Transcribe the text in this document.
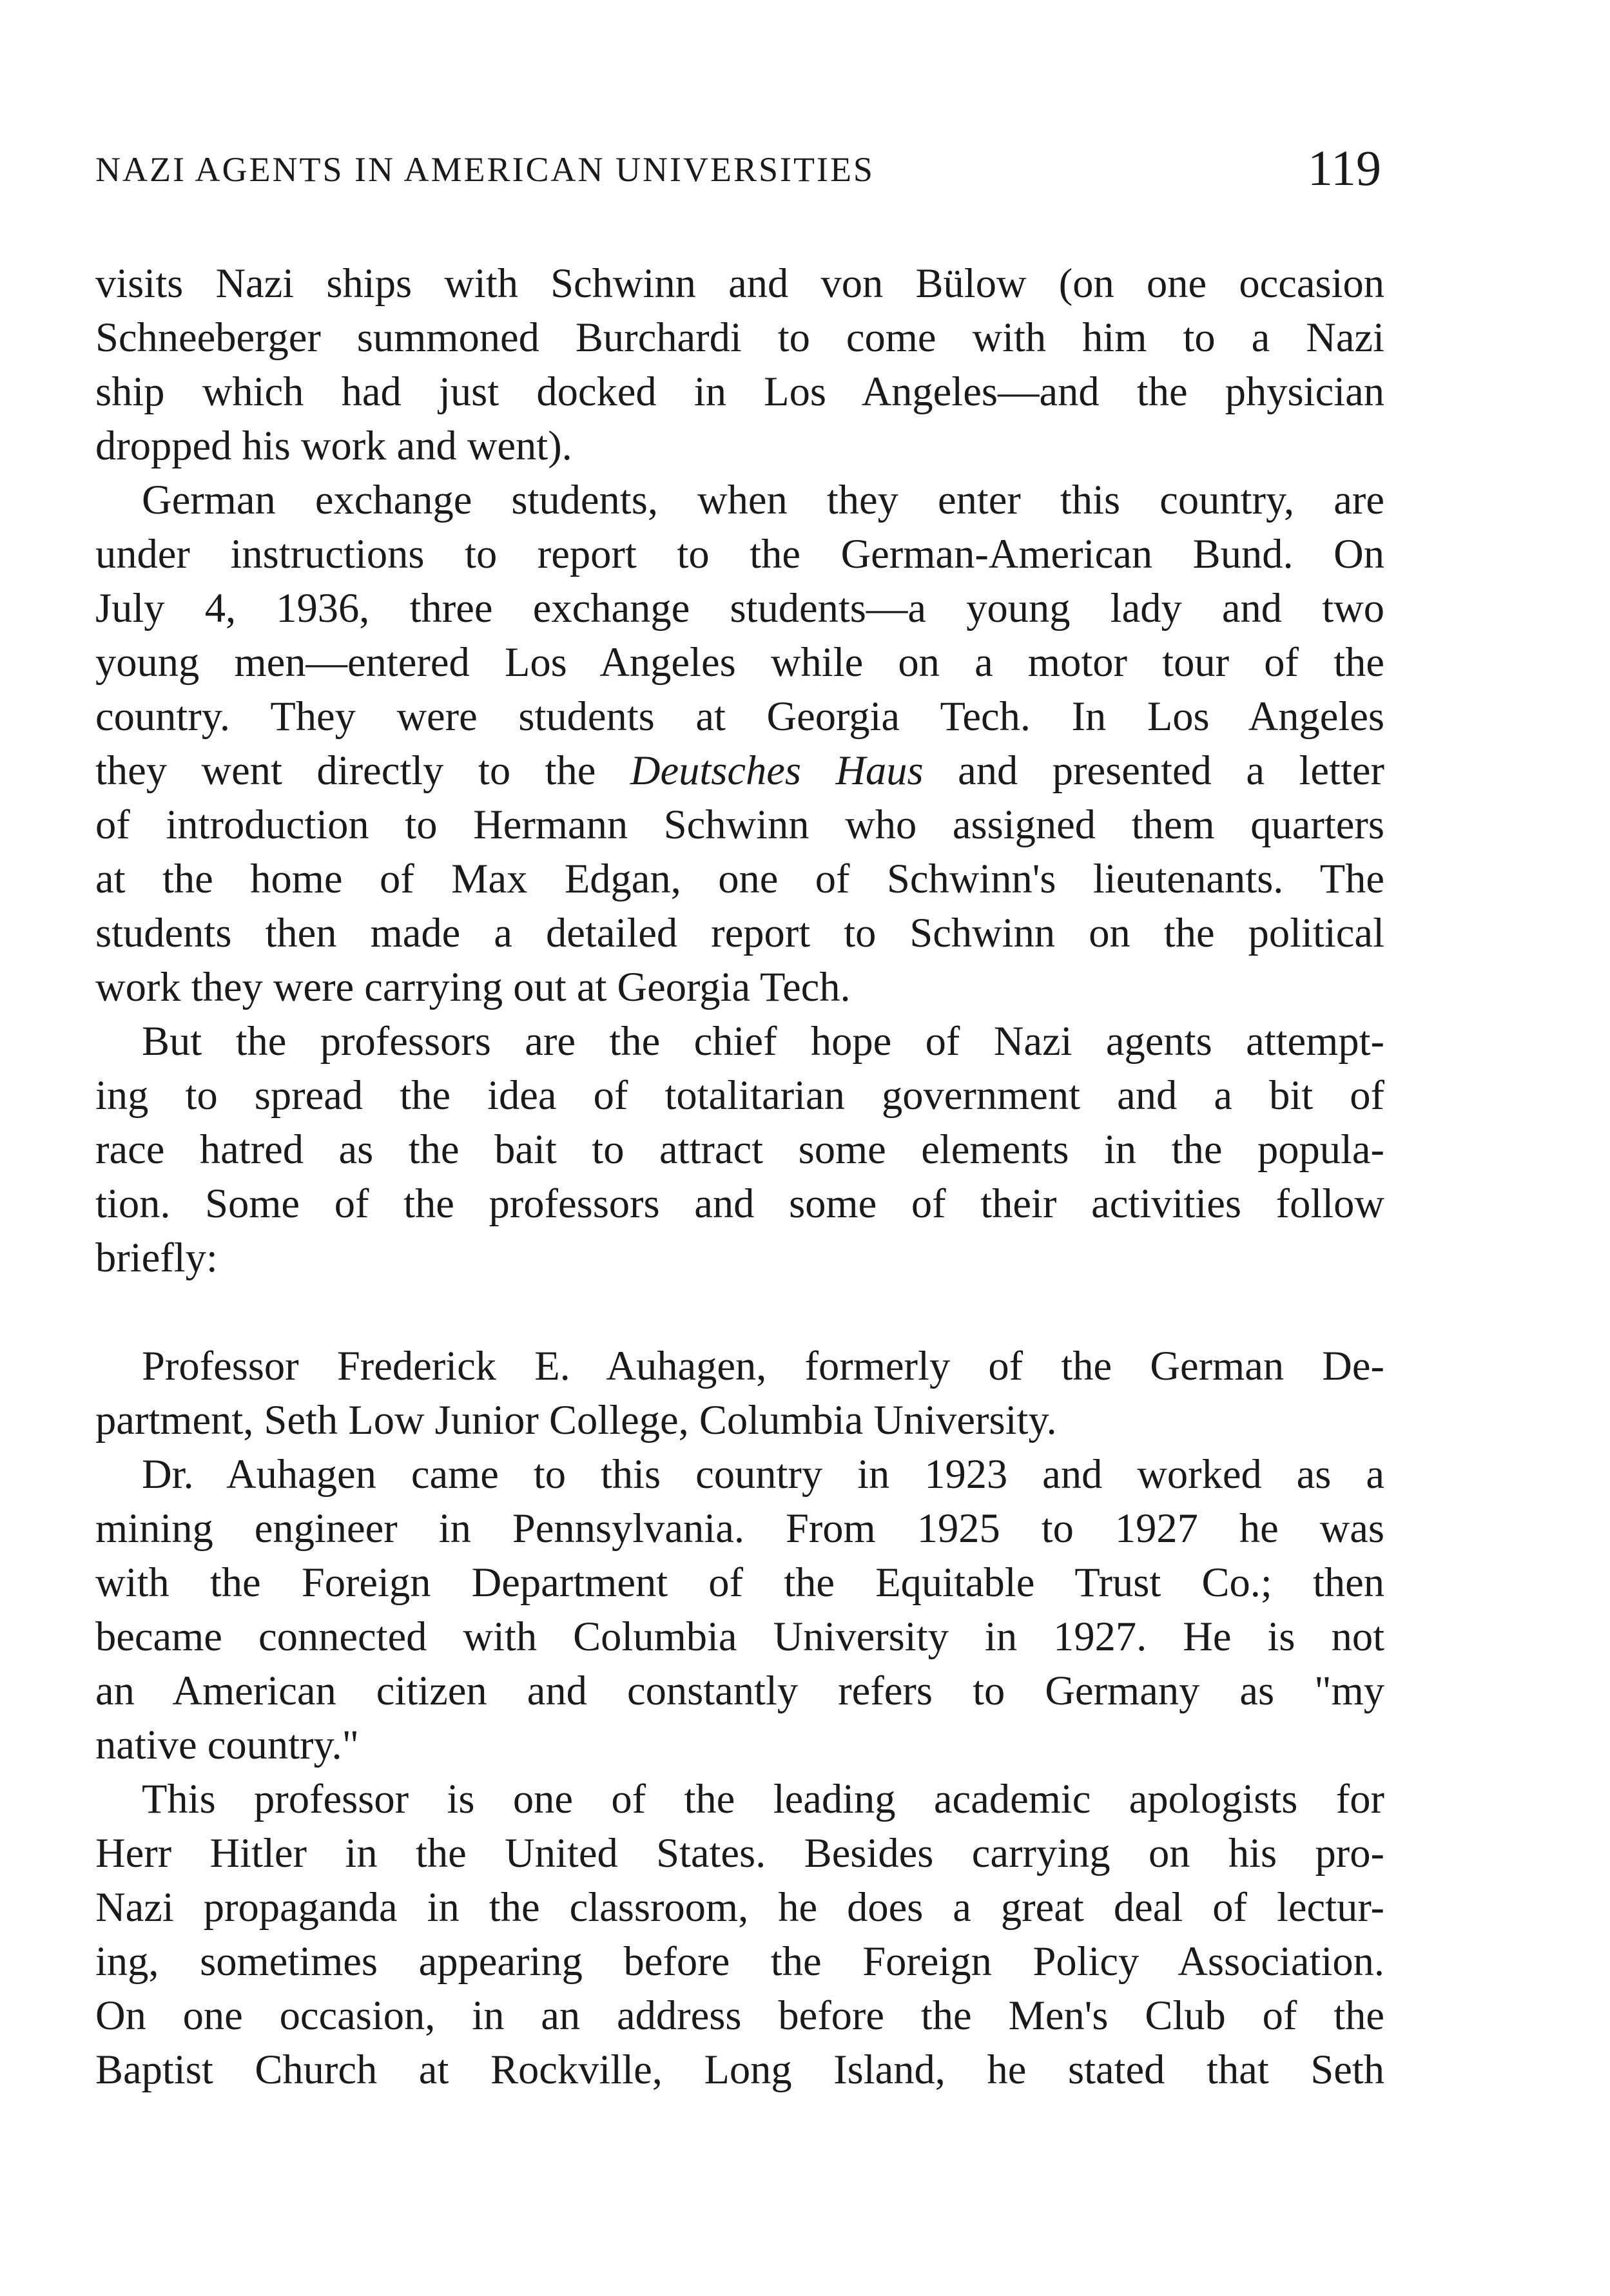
NAZI AGENTS IN AMERICAN UNIVERSITIES	119
visits Nazi ships with Schwinn and von Bülow (on one occasion
Schneeberger summoned Burchardi to come with him to a Nazi
ship which had just docked in Los Angeles—and the physician
dropped his work and went).
German exchange students, when they enter this country, are
under instructions to report to the German-American Bund. On
July 4, 1936, three exchange students—a young lady and two
young men—entered Los Angeles while on a motor tour of the
country. They were students at Georgia Tech. In Los Angeles
they went directly to the Deutsches Haus and presented a letter
of introduction to Hermann Schwinn who assigned them quarters
at the home of Max Edgan, one of Schwinn's lieutenants. The
students then made a detailed report to Schwinn on the political
work they were carrying out at Georgia Tech.
But the professors are the chief hope of Nazi agents attempt-
ing to spread the idea of totalitarian government and a bit of
race hatred as the bait to attract some elements in the popula-
tion. Some of the professors and some of their activities follow
briefly:
Professor Frederick E. Auhagen, formerly of the German De-
partment, Seth Low Junior College, Columbia University.
Dr. Auhagen came to this country in 1923 and worked as a
mining engineer in Pennsylvania. From 1925 to 1927 he was
with the Foreign Department of the Equitable Trust Co.; then
became connected with Columbia University in 1927. He is not
an American citizen and constantly refers to Germany as "my
native country."
This professor is one of the leading academic apologists for
Herr Hitler in the United States. Besides carrying on his pro-
Nazi propaganda in the classroom, he does a great deal of lectur-
ing, sometimes appearing before the Foreign Policy Association.
On one occasion, in an address before the Men's Club of the
Baptist Church at Rockville, Long Island, he stated that Seth
